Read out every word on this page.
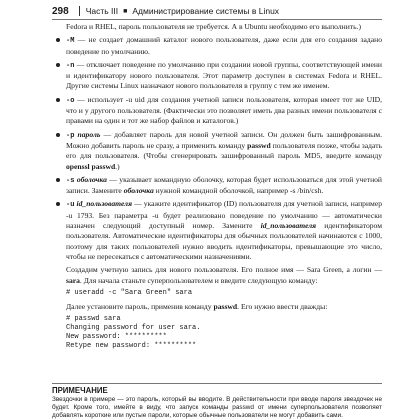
298 Часть III ■ Администрирование системы в Linux

Fedora и RHEL, пароль пользователя не требуется. А в Ubuntu необходимо его выполнить.)

-M — не создает домашний каталог нового пользователя, даже если для его создания задано поведение по умолчанию.

-n — отключает поведение по умолчанию при создании новой группы, соответствующей имени и идентификатору нового пользователя. Этот параметр доступен в системах Fedora и RHEL. Другие системы Linux назначают нового пользователя в группу с тем же именем.

-o — использует -u uid для создания учетной записи пользователя, которая имеет тот же UID, что и у другого пользователя. (Фактически это позволяет иметь два разных имени пользователя с правами на один и тот же набор файлов и каталогов.)

-p пароль — добавляет пароль для новой учетной записи. Он должен быть зашифрованным. Можно добавить пароль не сразу, а применить команду passwd пользователя позже, чтобы задать его для пользователя. (Чтобы сгенерировать зашифрованный пароль MD5, введите команду openssl passwd.)

-s оболочка — указывает командную оболочку, которая будет использоваться для этой учетной записи. Замените оболочка нужной командной оболочкой, например -s /bin/csh.

-u id_пользователя — укажите идентификатор (ID) пользователя для учетной записи, например -u 1793. Без параметра -u будет реализовано поведение по умолчанию — автоматически назначен следующий доступный номер. Замените id_пользователя идентификатором пользователя. Автоматические идентификаторы для обычных пользователей начинаются с 1000, поэтому для таких пользователей нужно вводить идентификаторы, превышающие это число, чтобы не пересекаться с автоматическими назначениями.

Создадим учетную запись для нового пользователя. Его полное имя — Sara Green, а логин — sara. Для начала станьте суперпользователем и введите следующую команду:

# useradd -c "Sara Green" sara

Далее установите пароль, применив команду passwd. Его нужно ввести дважды:

# passwd sara
Changing password for user sara.
New password: **********
Retype new password: **********
ПРИМЕЧАНИЕ
Звездочки в примере — это пароль, который вы вводите. В действительности при вводе пароля звездочек не будет. Кроме того, имейте в виду, что запуск команды passwd от имени суперпользователя позволяет добавлять короткие или пустые пароли, которые обычные пользователи не могут добавить сами.
